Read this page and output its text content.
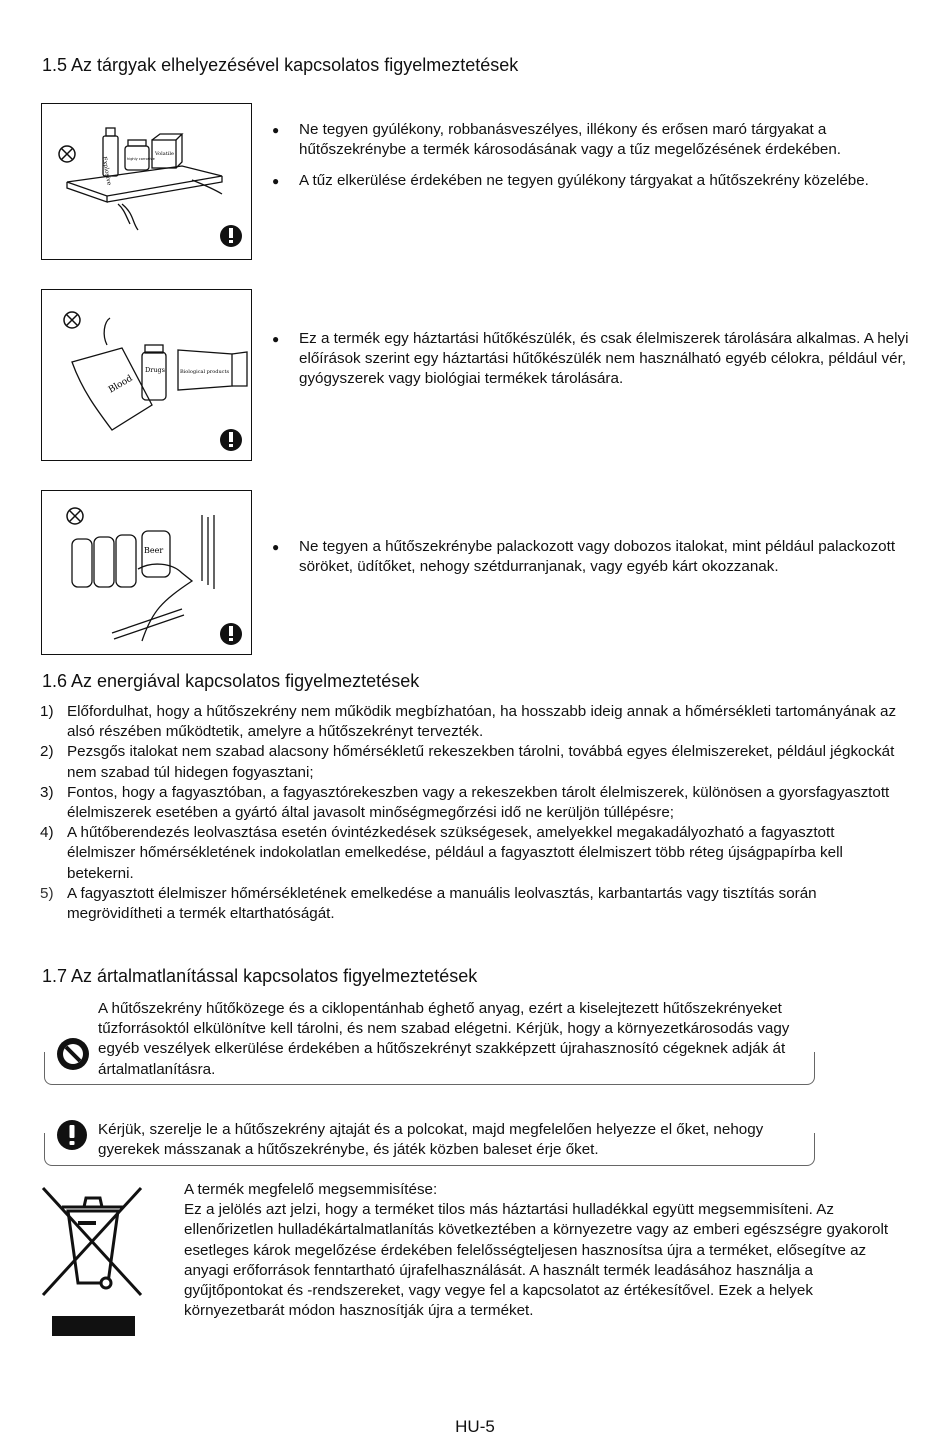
1.5 Az tárgyak elhelyezésével kapcsolatos figyelmeztetések
Explosive	highly corrosive
Volatile
● Ne tegyen gyúlékony, robbanásveszélyes, illékony és erősen maró tárgyakat a hűtőszekrénybe a termék károsodásának vagy a tűz megelőzésének érdekében.
● A tűz elkerülése érdekében ne tegyen gyúlékony tárgyakat a hűtőszekrény közelébe.
Blood
Drugs	Biological products
● Ez a termék egy háztartási hűtőkészülék, és csak élelmiszerek tárolására alkalmas. A helyi előírások szerint egy háztartási hűtőkészülék nem használható egyéb célokra, például vér, gyógyszerek vagy biológiai termékek tárolására.
Beer
●	Ne tegyen a hűtőszekrénybe palackozott vagy dobozos italokat, mint például palackozott söröket, üdítőket, nehogy szétdurranjanak, vagy egyéb kárt okozzanak.
1.6 Az energiával kapcsolatos figyelmeztetések
1) Előfordulhat, hogy a hűtőszekrény nem működik megbízhatóan, ha hosszabb ideig annak a hőmérsékleti tartományának az alsó részében működtetik, amelyre a hűtőszekrényt tervezték.
2) Pezsgős italokat nem szabad alacsony hőmérsékletű rekeszekben tárolni, továbbá egyes élelmiszereket, például jégkockát nem szabad túl hidegen fogyasztani;
3) Fontos, hogy a fagyasztóban, a fagyasztórekeszben vagy a rekeszekben tárolt élelmiszerek, különösen a gyorsfagyasztott élelmiszerek esetében a gyártó által javasolt minőségmegőrzési idő ne kerüljön túllépésre;
4) A hűtőberendezés leolvasztása esetén óvintézkedések szükségesek, amelyekkel megakadályozható a fagyasztott élelmiszer hőmérsékletének indokolatlan emelkedése, például a fagyasztott élelmiszert több réteg újságpapírba kell betekerni.
5) A fagyasztott élelmiszer hőmérsékletének emelkedése a manuális leolvasztás, karbantartás vagy tisztítás során megrövidítheti a termék eltarthatóságát.
1.7 Az ártalmatlanítással kapcsolatos figyelmeztetések
A hűtőszekrény hűtőközege és a ciklopentánhab éghető anyag, ezért a kiselejtezett hűtőszekrényeket tűzforrásoktól elkülönítve kell tárolni, és nem szabad elégetni. Kérjük, hogy a környezetkárosodás vagy egyéb veszélyek elkerülése érdekében a hűtőszekrényt szakképzett újrahasznosító cégeknek adják át ártalmatlanításra.
Kérjük, szerelje le a hűtőszekrény ajtaját és a polcokat, majd megfelelően helyezze el őket, nehogy gyerekek másszanak a hűtőszekrénybe, és játék közben baleset érje őket.
A termék megfelelő megsemmisítése:
Ez a jelölés azt jelzi, hogy a terméket tilos más háztartási hulladékkal együtt megsemmisíteni. Az ellenőrizetlen hulladékártalmatlanítás következtében a környezetre vagy az emberi egészségre gyakorolt esetleges károk megelőzése érdekében felelősségteljesen hasznosítsa újra a terméket, elősegítve az anyagi erőforrások fenntartható újrafelhasználását. A használt termék leadásához használja a gyűjtőpontokat és -rendszereket, vagy vegye fel a kapcsolatot az értékesítővel. Ezek a helyek környezetbarát módon hasznosítják újra a terméket.
HU-5
